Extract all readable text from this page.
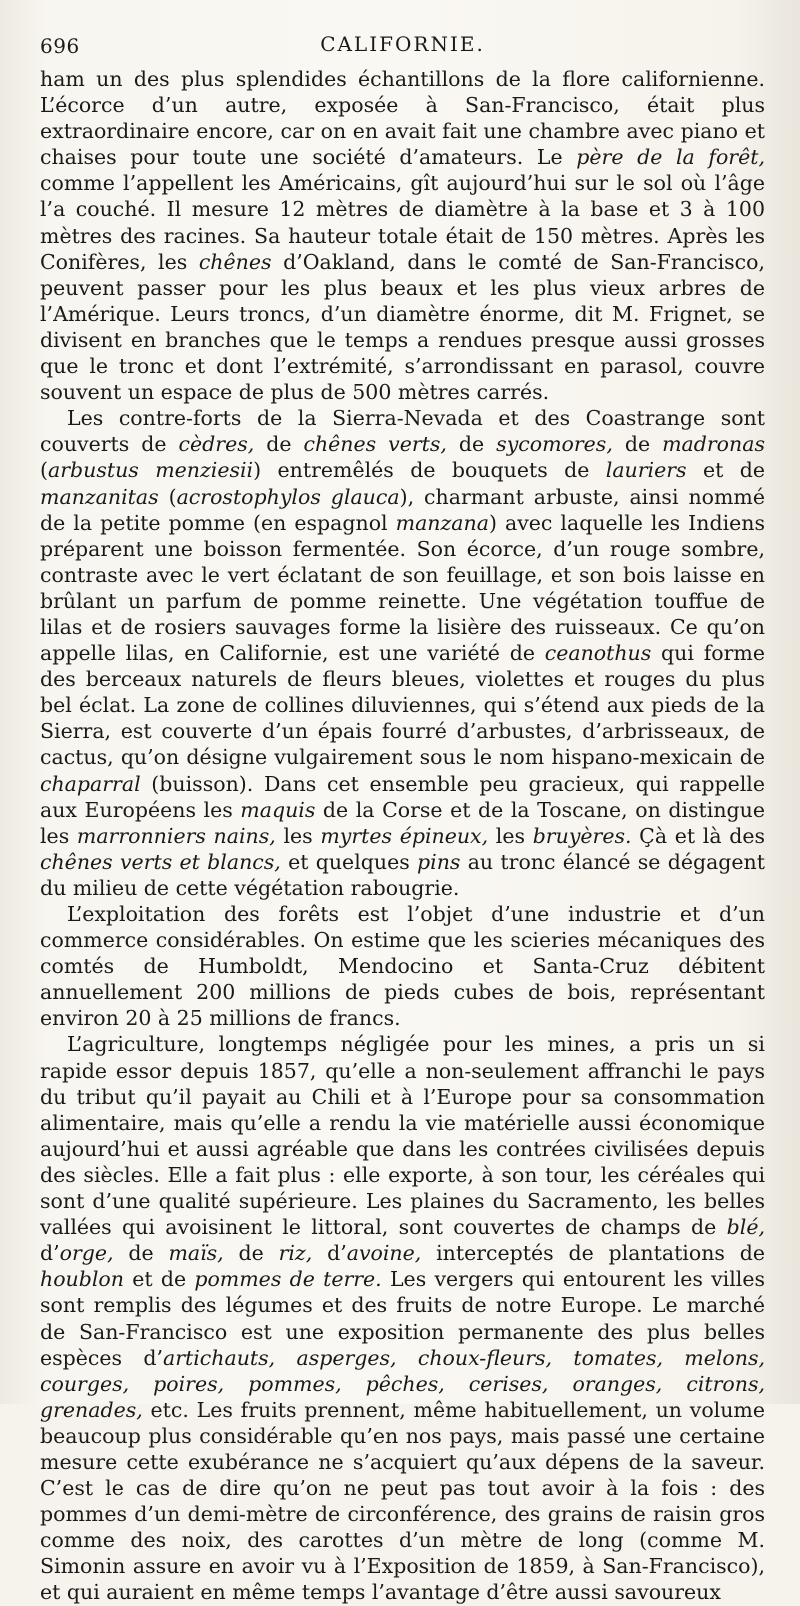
696	CALIFORNIE.

ham un des plus splendides échantillons de la flore californienne. L’écorce d’un autre, exposée à San-Francisco, était plus extraordinaire encore, car on en avait fait une chambre avec piano et chaises pour toute une société d’amateurs. Le père de la forêt, comme l’appellent les Américains, gît aujourd’hui sur le sol où l’âge l’a couché. Il mesure 12 mètres de diamètre à la base et 3 à 100 mètres des racines. Sa hauteur totale était de 150 mètres. Après les Conifères, les chênes d’Oakland, dans le comté de San-Francisco, peuvent passer pour les plus beaux et les plus vieux arbres de l’Amérique. Leurs troncs, d’un diamètre énorme, dit M. Frignet, se divisent en branches que le temps a rendues presque aussi grosses que le tronc et dont l’extrémité, s’arrondissant en parasol, couvre souvent un espace de plus de 500 mètres carrés.

Les contre-forts de la Sierra-Nevada et des Coastrange sont couverts de cèdres, de chênes verts, de sycomores, de madronas (arbustus menziesii) entremêlés de bouquets de lauriers et de manzanitas (acrostophylos glauca), charmant arbuste, ainsi nommé de la petite pomme (en espagnol manzana) avec laquelle les Indiens préparent une boisson fermentée. Son écorce, d’un rouge sombre, contraste avec le vert éclatant de son feuillage, et son bois laisse en brûlant un parfum de pomme reinette. Une végétation touffue de lilas et de rosiers sauvages forme la lisière des ruisseaux. Ce qu’on appelle lilas, en Californie, est une variété de ceanothus qui forme des berceaux naturels de fleurs bleues, violettes et rouges du plus bel éclat. La zone de collines diluviennes, qui s’étend aux pieds de la Sierra, est couverte d’un épais fourré d’arbustes, d’arbrisseaux, de cactus, qu’on désigne vulgairement sous le nom hispano-mexicain de chaparral (buisson). Dans cet ensemble peu gracieux, qui rappelle aux Européens les maquis de la Corse et de la Toscane, on distingue les marronniers nains, les myrtes épineux, les bruyères. Çà et là des chênes verts et blancs, et quelques pins au tronc élancé se dégagent du milieu de cette végétation rabougrie.

L’exploitation des forêts est l’objet d’une industrie et d’un commerce considérables. On estime que les scieries mécaniques des comtés de Humboldt, Mendocino et Santa-Cruz débitent annuellement 200 millions de pieds cubes de bois, représentant environ 20 à 25 millions de francs.

L’agriculture, longtemps négligée pour les mines, a pris un si rapide essor depuis 1857, qu’elle a non-seulement affranchi le pays du tribut qu’il payait au Chili et à l’Europe pour sa consommation alimentaire, mais qu’elle a rendu la vie matérielle aussi économique aujourd’hui et aussi agréable que dans les contrées civilisées depuis des siècles. Elle a fait plus : elle exporte, à son tour, les céréales qui sont d’une qualité supérieure. Les plaines du Sacramento, les belles vallées qui avoisinent le littoral, sont couvertes de champs de blé, d’orge, de maïs, de riz, d’avoine, interceptés de plantations de houblon et de pommes de terre. Les vergers qui entourent les villes sont remplis des légumes et des fruits de notre Europe. Le marché de San-Francisco est une exposition permanente des plus belles espèces d’artichauts, asperges, choux-fleurs, tomates, melons, courges, poires, pommes, pêches, cerises, oranges, citrons, grenades, etc. Les fruits prennent, même habituellement, un volume beaucoup plus considérable qu’en nos pays, mais passé une certaine mesure cette exubérance ne s’acquiert qu’aux dépens de la saveur. C’est le cas de dire qu’on ne peut pas tout avoir à la fois : des pommes d’un demi-mètre de circonférence, des grains de raisin gros comme des noix, des carottes d’un mètre de long (comme M. Simonin assure en avoir vu à l’Exposition de 1859, à San-Francisco), et qui auraient en même temps l’avantage d’être aussi savoureux
